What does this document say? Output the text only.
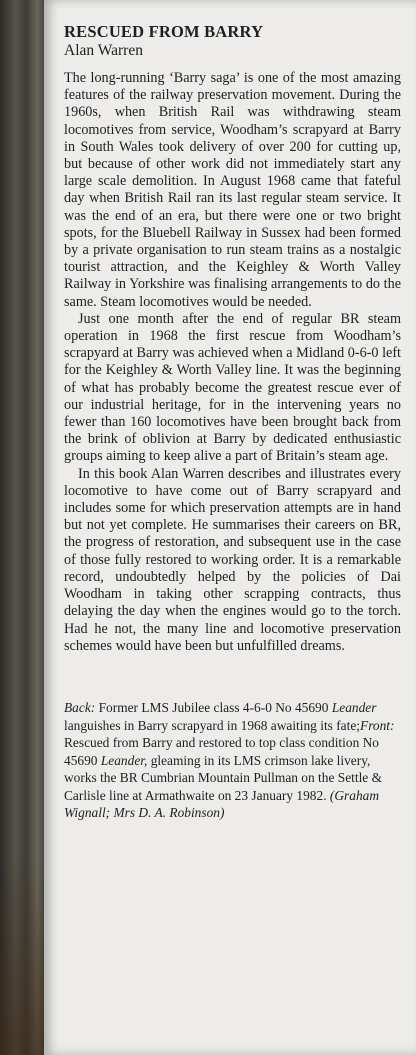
RESCUED FROM BARRY
Alan Warren

The long-running ‘Barry saga’ is one of the most amazing features of the railway preservation movement. During the 1960s, when British Rail was withdrawing steam locomotives from service, Woodham’s scrapyard at Barry in South Wales took delivery of over 200 for cutting up, but because of other work did not immediately start any large scale demolition. In August 1968 came that fateful day when British Rail ran its last regular steam service. It was the end of an era, but there were one or two bright spots, for the Bluebell Railway in Sussex had been formed by a private organisation to run steam trains as a nostalgic tourist attraction, and the Keighley & Worth Valley Railway in Yorkshire was finalising arrangements to do the same. Steam locomotives would be needed.

Just one month after the end of regular BR steam operation in 1968 the first rescue from Woodham’s scrapyard at Barry was achieved when a Midland 0-6-0 left for the Keighley & Worth Valley line. It was the beginning of what has probably become the greatest rescue ever of our industrial heritage, for in the intervening years no fewer than 160 locomotives have been brought back from the brink of oblivion at Barry by dedicated enthusiastic groups aiming to keep alive a part of Britain’s steam age.

In this book Alan Warren describes and illustrates every locomotive to have come out of Barry scrapyard and includes some for which preservation attempts are in hand but not yet complete. He summarises their careers on BR, the progress of restoration, and subsequent use in the case of those fully restored to working order. It is a remarkable record, undoubtedly helped by the policies of Dai Woodham in taking other scrapping contracts, thus delaying the day when the engines would go to the torch. Had he not, the many line and locomotive preservation schemes would have been but unfulfilled dreams.

Back: Former LMS Jubilee class 4-6-0 No 45690 Leander languishes in Barry scrapyard in 1968 awaiting its fate;Front: Rescued from Barry and restored to top class condition No 45690 Leander, gleaming in its LMS crimson lake livery, works the BR Cumbrian Mountain Pullman on the Settle & Carlisle line at Armathwaite on 23 January 1982. (Graham Wignall; Mrs D. A. Robinson)
